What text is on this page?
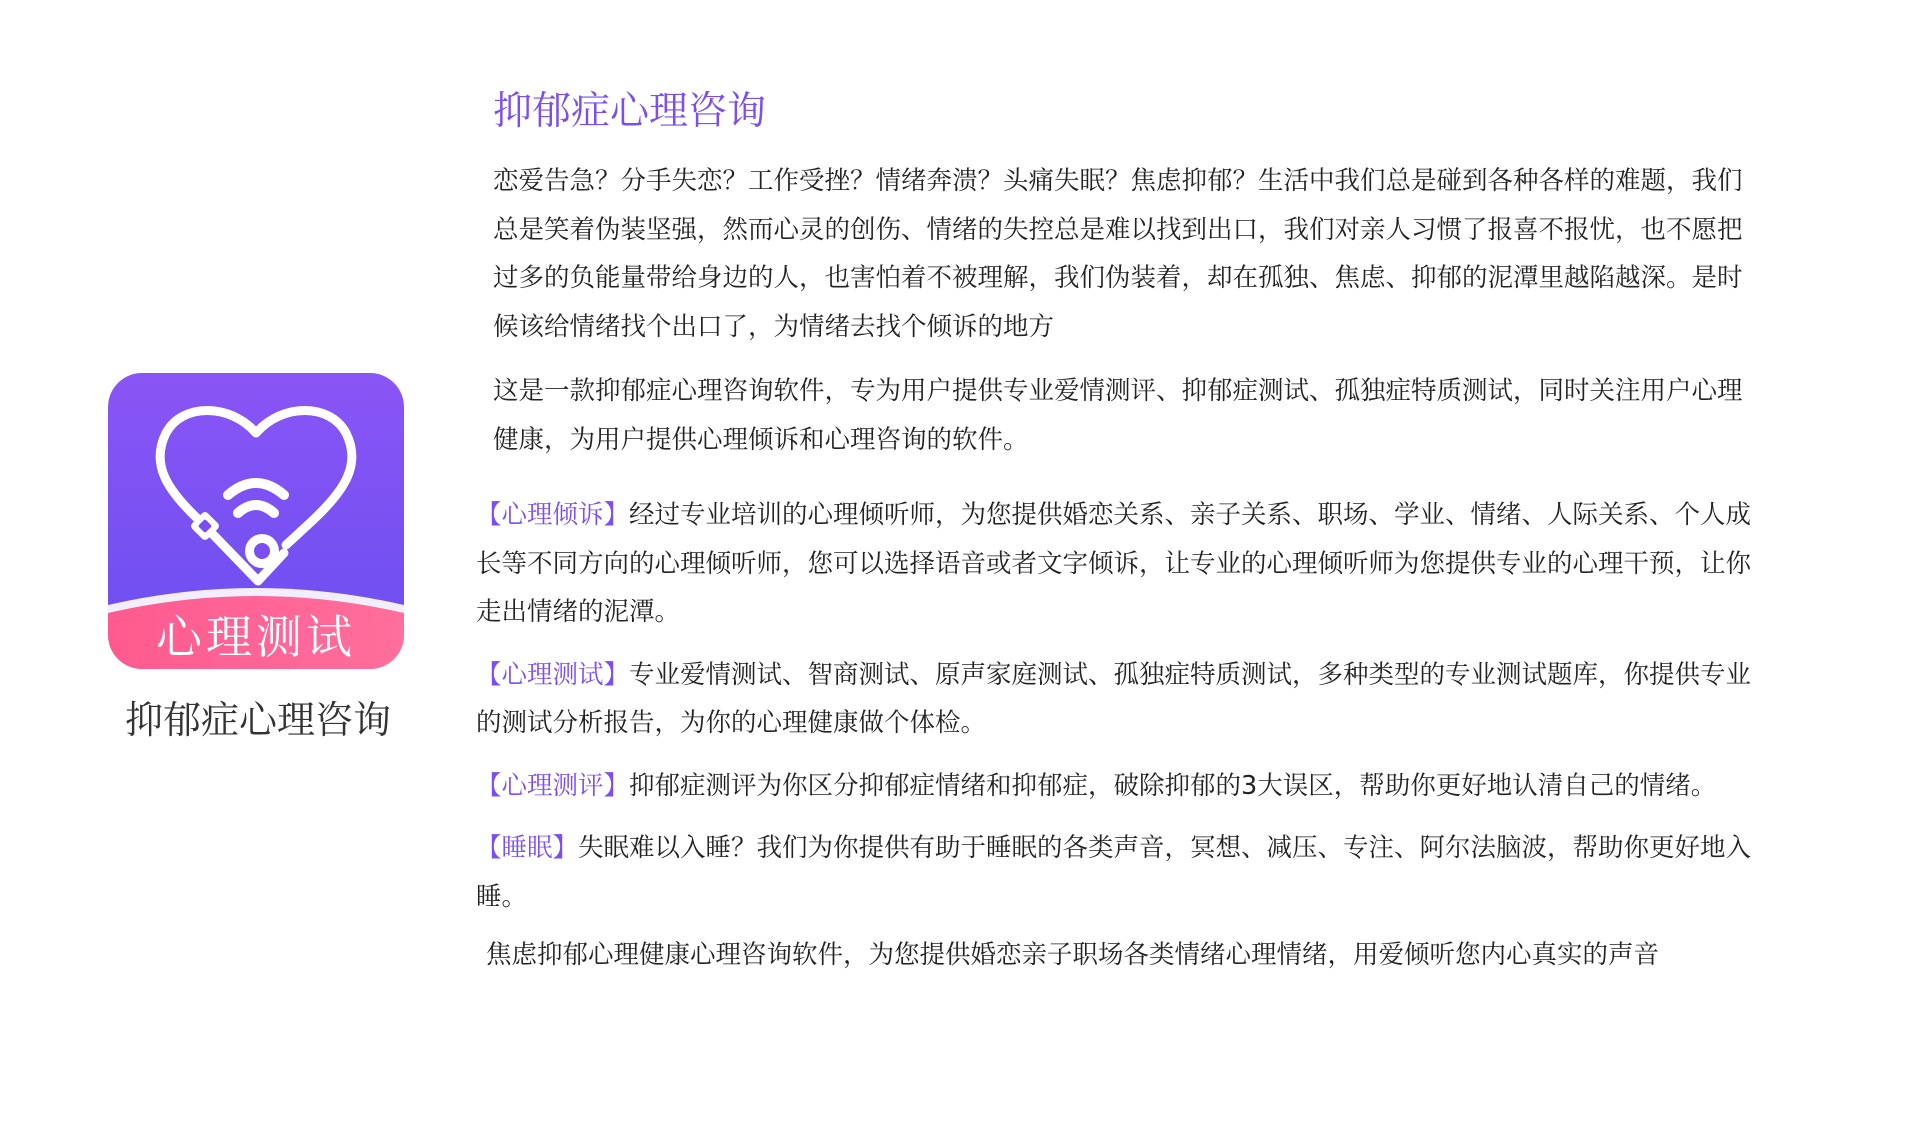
心理测试
抑郁症心理咨询
抑郁症心理咨询

恋爱告急？分手失恋？工作受挫？情绪奔溃？头痛失眠？焦虑抑郁？生活中我们总是碰到各种各样的难题，我们总是笑着伪装坚强，然而心灵的创伤、情绪的失控总是难以找到出口，我们对亲人习惯了报喜不报忧，也不愿把过多的负能量带给身边的人，也害怕着不被理解，我们伪装着，却在孤独、焦虑、抑郁的泥潭里越陷越深。是时候该给情绪找个出口了，为情绪去找个倾诉的地方

这是一款抑郁症心理咨询软件，专为用户提供专业爱情测评、抑郁症测试、孤独症特质测试，同时关注用户心理健康，为用户提供心理倾诉和心理咨询的软件。

【心理倾诉】经过专业培训的心理倾听师，为您提供婚恋关系、亲子关系、职场、学业、情绪、人际关系、个人成长等不同方向的心理倾听师，您可以选择语音或者文字倾诉，让专业的心理倾听师为您提供专业的心理干预，让你走出情绪的泥潭。

【心理测试】专业爱情测试、智商测试、原声家庭测试、孤独症特质测试，多种类型的专业测试题库，你提供专业的测试分析报告，为你的心理健康做个体检。

【心理测评】抑郁症测评为你区分抑郁症情绪和抑郁症，破除抑郁的3大误区，帮助你更好地认清自己的情绪。

【睡眠】失眠难以入睡？我们为你提供有助于睡眠的各类声音，冥想、减压、专注、阿尔法脑波，帮助你更好地入睡。

焦虑抑郁心理健康心理咨询软件，为您提供婚恋亲子职场各类情绪心理情绪，用爱倾听您内心真实的声音
